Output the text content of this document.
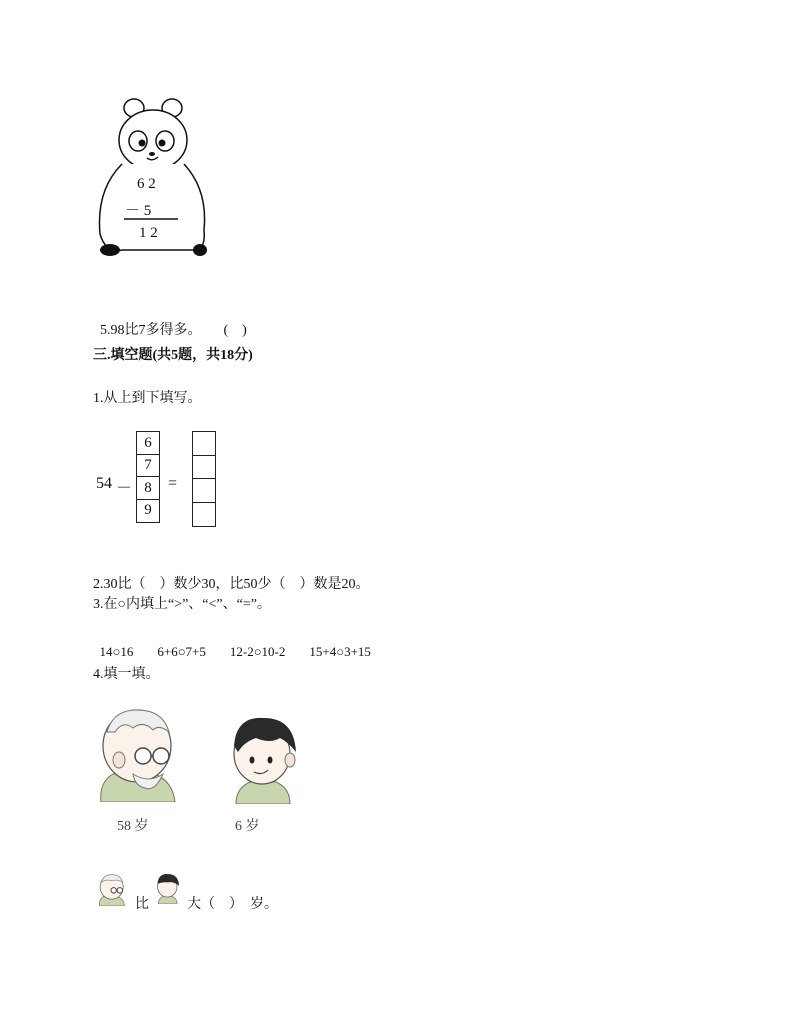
6 2
－ 5
1 2

5.98比7多得多。 (　)

三.填空题(共5题，共18分)
1.从上到下填写。
54 －
6
7
8
9
=
2.30比（　）数少30，比50少（　）数是20。
3.在○内填上“>”、“<”、“=”。

14○16 6+6○7+5 12-2○10-2 15+4○3+15

4.填一填。
58 岁	6 岁
比	大（　） 岁。
